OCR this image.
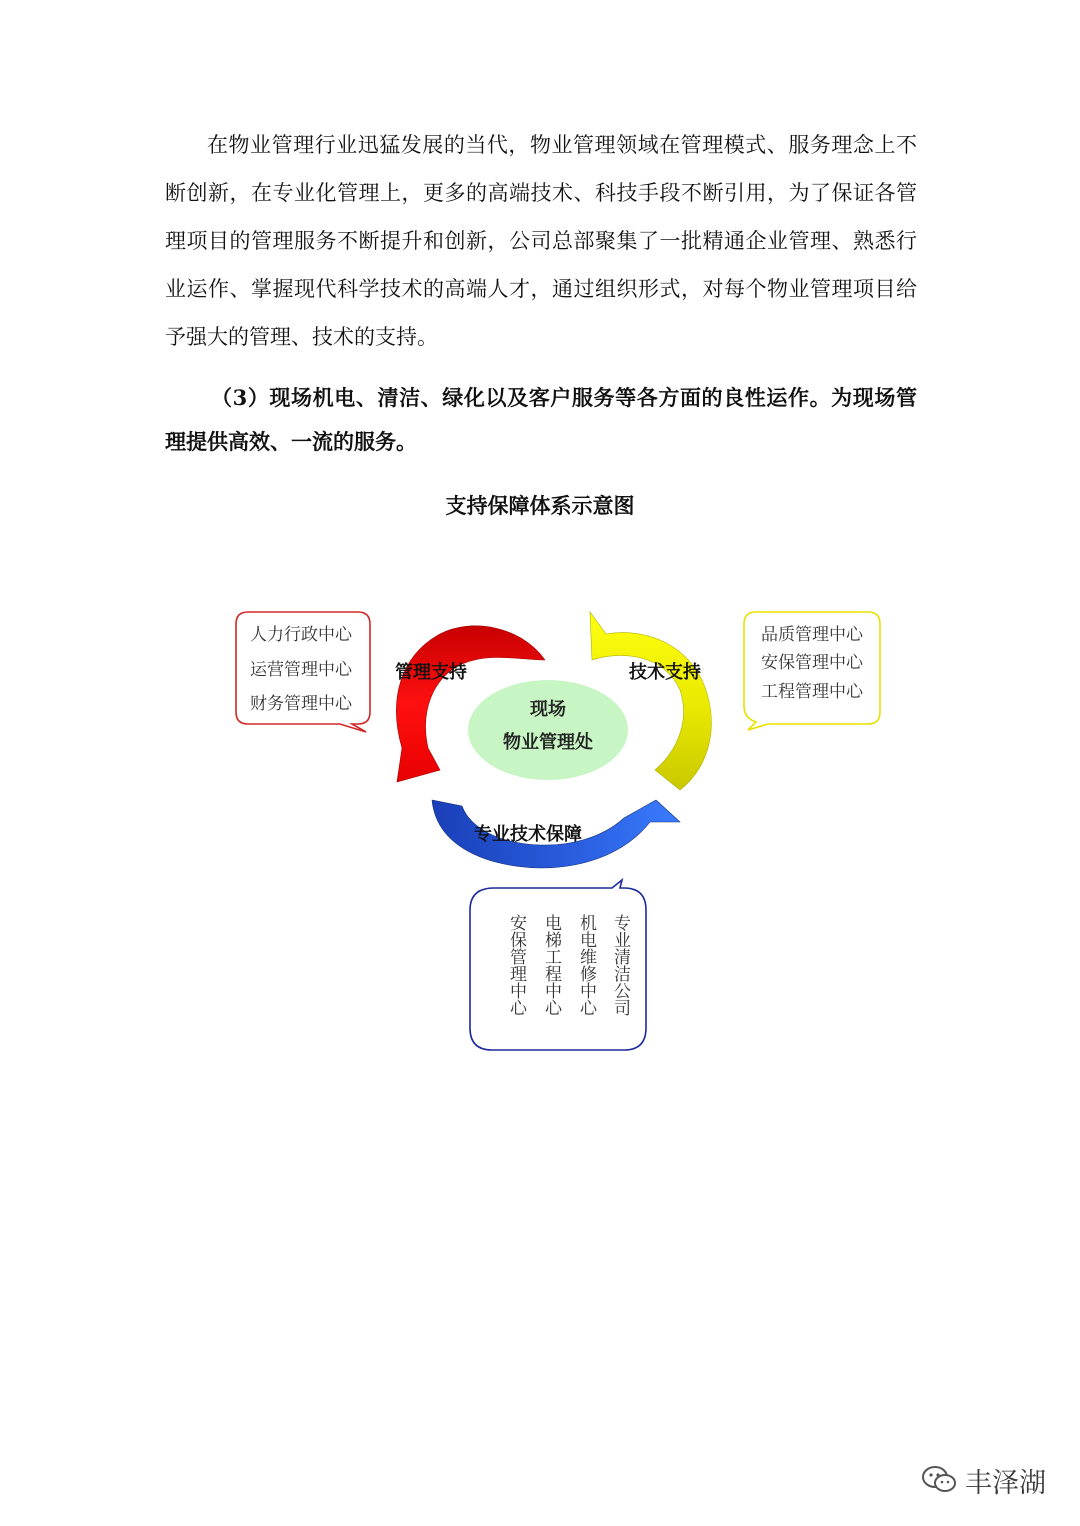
在物业管理行业迅猛发展的当代，物业管理领域在管理模式、服务理念上不断创新，在专业化管理上，更多的高端技术、科技手段不断引用，为了保证各管理项目的管理服务不断提升和创新，公司总部聚集了一批精通企业管理、熟悉行业运作、掌握现代科学技术的高端人才，通过组织形式，对每个物业管理项目给予强大的管理、技术的支持。

（3）现场机电、清洁、绿化以及客户服务等各方面的良性运作。为现场管理提供高效、一流的服务。

支持保障体系示意图
人力行政中心
运营管理中心
财务管理中心
品质管理中心
安保管理中心
工程管理中心
现场
物业管理处
管理支持	技术支持
专业技术保障
专业清洁公司
机电维修中心
电梯工程中心
安保管理中心
丰泽湖
